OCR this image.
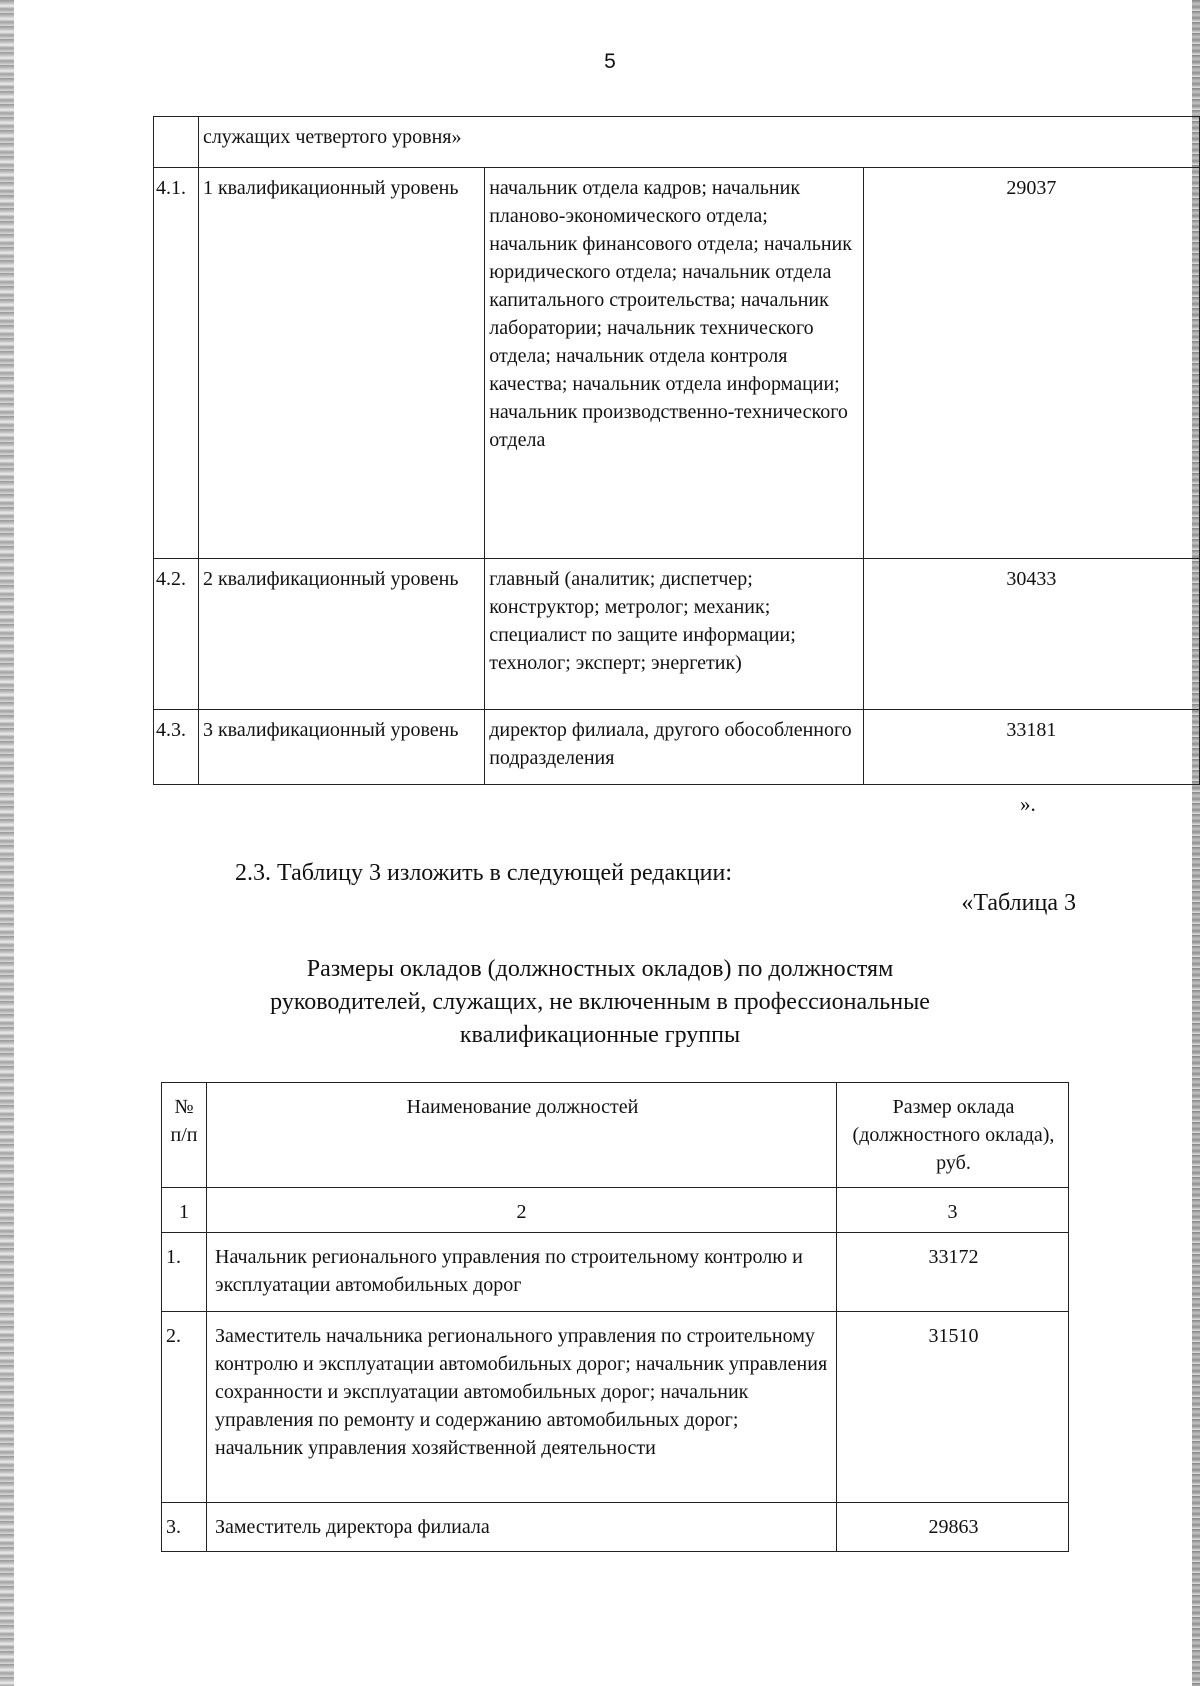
5
	служащих четвертого уровня»		
4.1.	1 квалификационный уровень	начальник отдела кадров; начальник планово-экономического отдела; начальник финансового отдела; начальник юридического отдела; начальник отдела капитального строительства; начальник лаборатории; начальник технического отдела; начальник отдела контроля качества; начальник отдела информации; начальник производственно-технического отдела	29037
4.2.	2 квалификационный уровень	главный (аналитик; диспетчер; конструктор; метролог; механик; специалист по защите информации; технолог; эксперт; энергетик)	30433
4.3.	3 квалификационный уровень	директор филиала, другого обособленного подразделения	33181
».
2.3. Таблицу 3 изложить в следующей редакции:
«Таблица 3
Размеры окладов (должностных окладов) по должностям
руководителей, служащих, не включенным в профессиональные
квалификационные группы
№ п/п	Наименование должностей	Размер оклада (должностного оклада), руб.
1	2	3
1.	Начальник регионального управления по строительному контролю и эксплуатации автомобильных дорог	33172
2.	Заместитель начальника регионального управления по строительному контролю и эксплуатации автомобильных дорог; начальник управления сохранности и эксплуатации автомобильных дорог; начальник управления по ремонту и содержанию автомобильных дорог; начальник управления хозяйственной деятельности	31510
3.	Заместитель директора филиала	29863
